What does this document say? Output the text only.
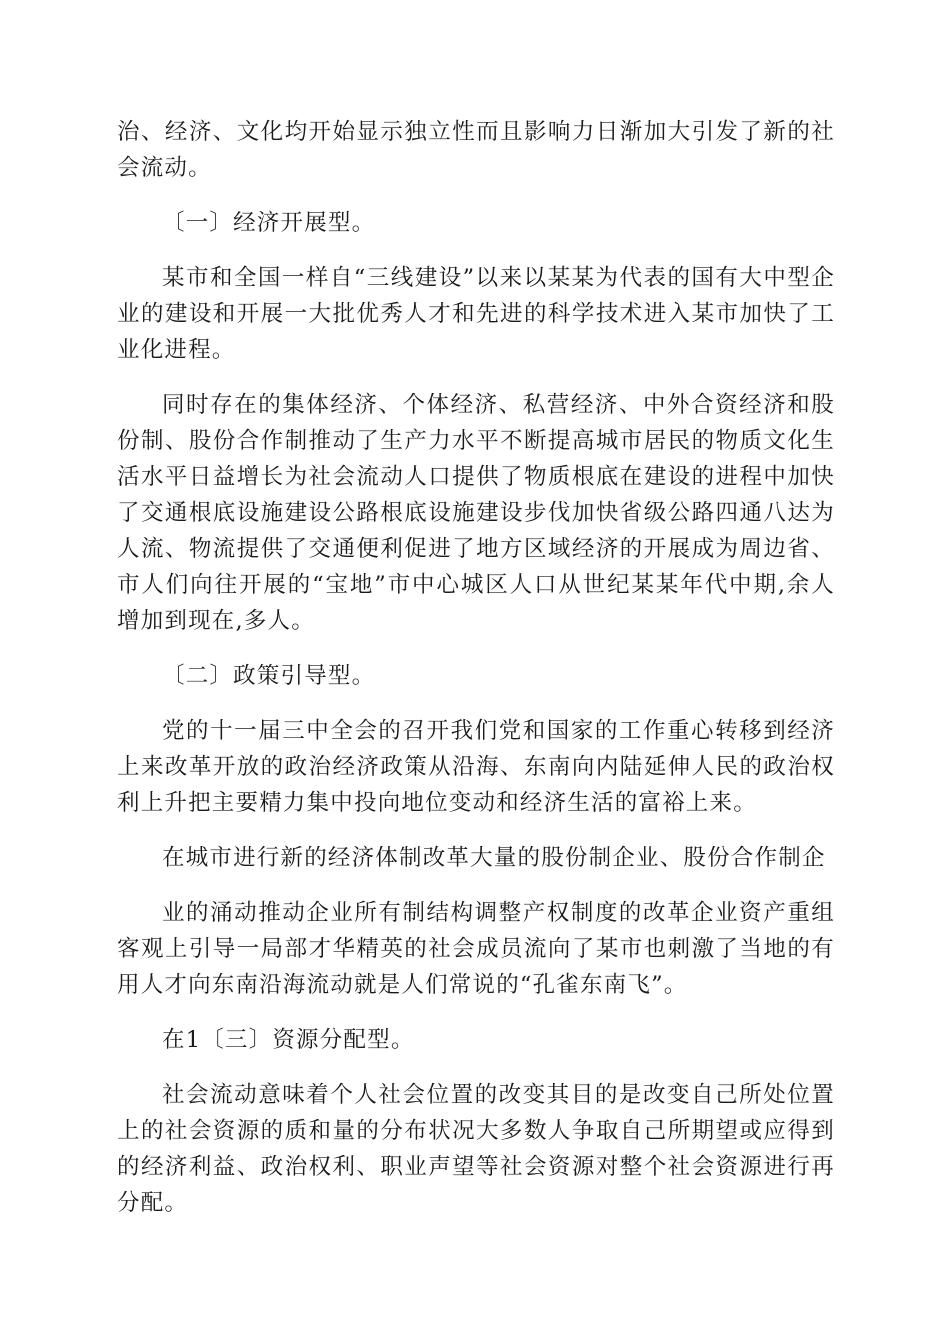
治、经济、文化均开始显示独立性而且影响力日渐加大引发了新的社会流动。

〔一〕经济开展型。

某市和全国一样自“三线建设”以来以某某为代表的国有大中型企业的建设和开展一大批优秀人才和先进的科学技术进入某市加快了工业化进程。

同时存在的集体经济、个体经济、私营经济、中外合资经济和股份制、股份合作制推动了生产力水平不断提高城市居民的物质文化生活水平日益增长为社会流动人口提供了物质根底在建设的进程中加快了交通根底设施建设公路根底设施建设步伐加快省级公路四通八达为人流、物流提供了交通便利促进了地方区域经济的开展成为周边省、市人们向往开展的“宝地”市中心城区人口从世纪某某年代中期,余人增加到现在,多人。

〔二〕政策引导型。

党的十一届三中全会的召开我们党和国家的工作重心转移到经济上来改革开放的政治经济政策从沿海、东南向内陆延伸人民的政治权利上升把主要精力集中投向地位变动和经济生活的富裕上来。

在城市进行新的经济体制改革大量的股份制企业、股份合作制企

业的涌动推动企业所有制结构调整产权制度的改革企业资产重组客观上引导一局部才华精英的社会成员流向了某市也刺激了当地的有用人才向东南沿海流动就是人们常说的“孔雀东南飞”。

在1〔三〕资源分配型。

社会流动意味着个人社会位置的改变其目的是改变自己所处位置上的社会资源的质和量的分布状况大多数人争取自己所期望或应得到的经济利益、政治权利、职业声望等社会资源对整个社会资源进行再分配。
